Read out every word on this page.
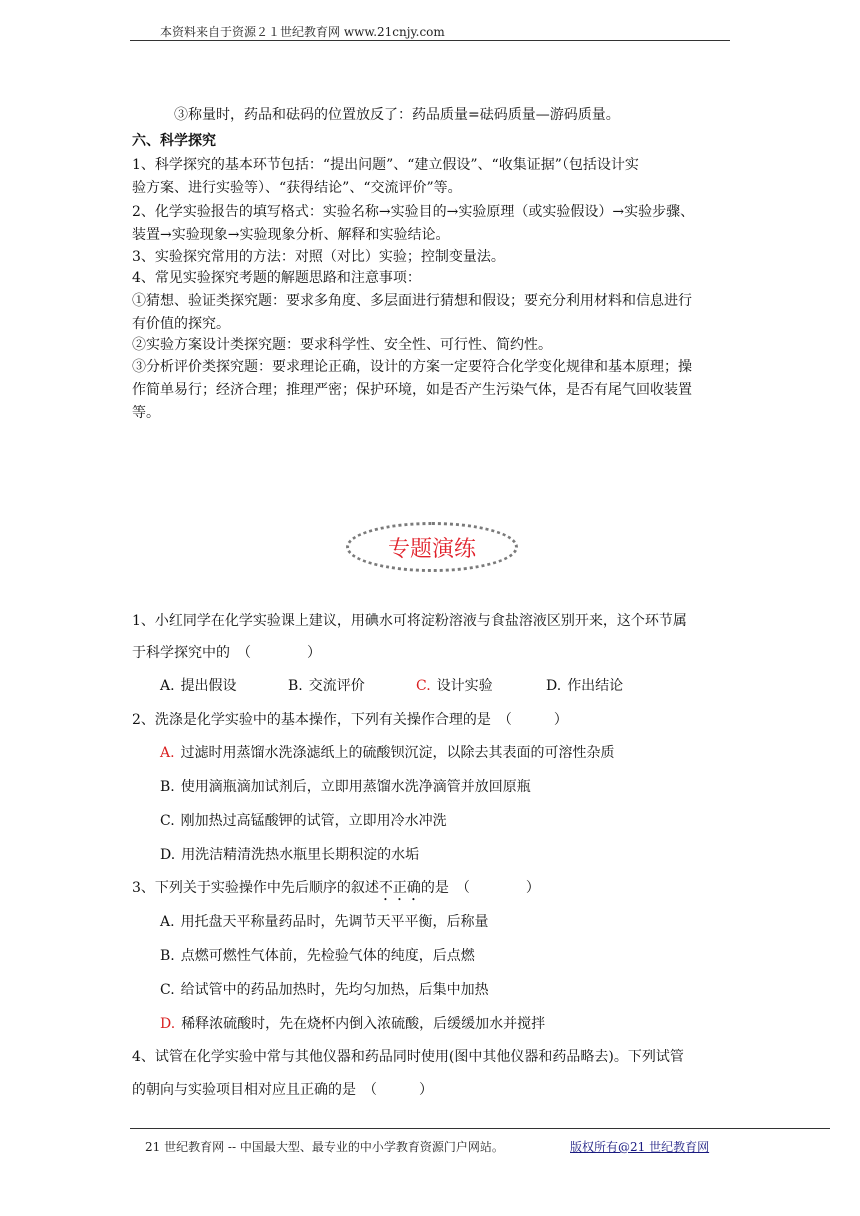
本资料来自于资源２１世纪教育网 www.21cnjy.com
③称量时，药品和砝码的位置放反了：药品质量=砝码质量—游码质量。
六、科学探究
1、科学探究的基本环节包括：“提出问题”、“建立假设”、“收集证据”（包括设计实
验方案、进行实验等）、“获得结论”、“交流评价”等。
2、化学实验报告的填写格式：实验名称→实验目的→实验原理（或实验假设）→实验步骤、
装置→实验现象→实验现象分析、解释和实验结论。
3、实验探究常用的方法：对照（对比）实验；控制变量法。
4、常见实验探究考题的解题思路和注意事项：
①猜想、验证类探究题：要求多角度、多层面进行猜想和假设；要充分利用材料和信息进行
有价值的探究。
②实验方案设计类探究题：要求科学性、安全性、可行性、简约性。
③分析评价类探究题：要求理论正确，设计的方案一定要符合化学变化规律和基本原理；操
作简单易行；经济合理；推理严密；保护环境，如是否产生污染气体，是否有尾气回收装置
等。
专题演练
1、小红同学在化学实验课上建议，用碘水可将淀粉溶液与食盐溶液区别开来，这个环节属
于科学探究中的　（　　　　）
A. 提出假设	B. 交流评价	C. 设计实验	D. 作出结论
2、洗涤是化学实验中的基本操作，下列有关操作合理的是　（　　　）
A. 过滤时用蒸馏水洗涤滤纸上的硫酸钡沉淀，以除去其表面的可溶性杂质
B. 使用滴瓶滴加试剂后，立即用蒸馏水洗净滴管并放回原瓶
C. 刚加热过高锰酸钾的试管，立即用冷水冲洗
D. 用洗洁精清洗热水瓶里长期积淀的水垢
3、下列关于实验操作中先后顺序的叙述不正确的是　（　　　　）
A. 用托盘天平称量药品时，先调节天平平衡，后称量
B. 点燃可燃性气体前，先检验气体的纯度，后点燃
C. 给试管中的药品加热时，先均匀加热，后集中加热
D. 稀释浓硫酸时，先在烧杯内倒入浓硫酸，后缓缓加水并搅拌
4、试管在化学实验中常与其他仪器和药品同时使用(图中其他仪器和药品略去)。下列试管
的朝向与实验项目相对应且正确的是　（　　　）
21 世纪教育网 -- 中国最大型、最专业的中小学教育资源门户网站。	版权所有@21 世纪教育网
